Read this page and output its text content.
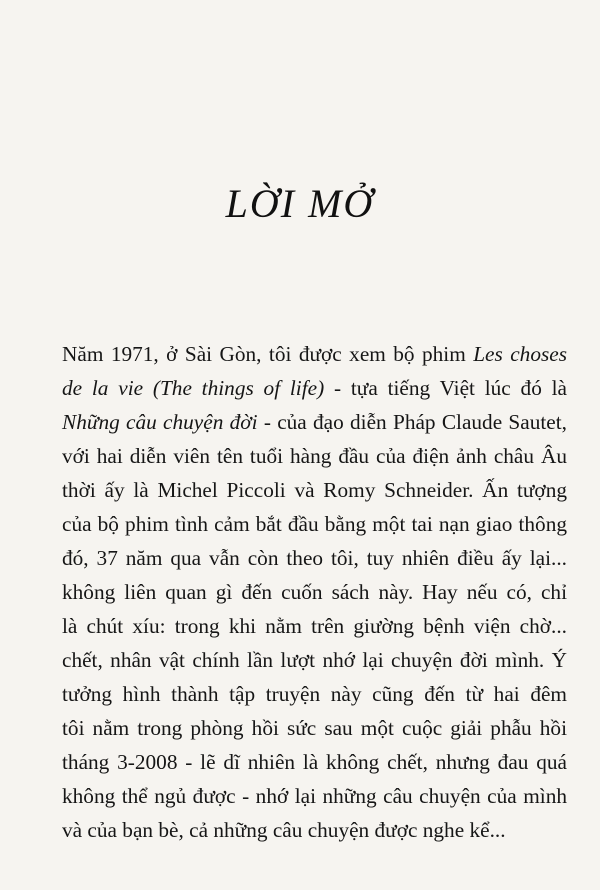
LỜI MỞ
Năm 1971, ở Sài Gòn, tôi được xem bộ phim Les choses
de la vie (The things of life) - tựa tiếng Việt lúc đó là
Những câu chuyện đời - của đạo diễn Pháp Claude Sautet,
với hai diễn viên tên tuổi hàng đầu của điện ảnh châu Âu
thời ấy là Michel Piccoli và Romy Schneider. Ấn tượng
của bộ phim tình cảm bắt đầu bằng một tai nạn giao thông
đó, 37 năm qua vẫn còn theo tôi, tuy nhiên điều ấy lại...
không liên quan gì đến cuốn sách này. Hay nếu có, chỉ
là chút xíu: trong khi nằm trên giường bệnh viện chờ...
chết, nhân vật chính lần lượt nhớ lại chuyện đời mình. Ý
tưởng hình thành tập truyện này cũng đến từ hai đêm
tôi nằm trong phòng hồi sức sau một cuộc giải phẫu hồi
tháng 3-2008 - lẽ dĩ nhiên là không chết, nhưng đau quá
không thể ngủ được - nhớ lại những câu chuyện của mình
và của bạn bè, cả những câu chuyện được nghe kể...
